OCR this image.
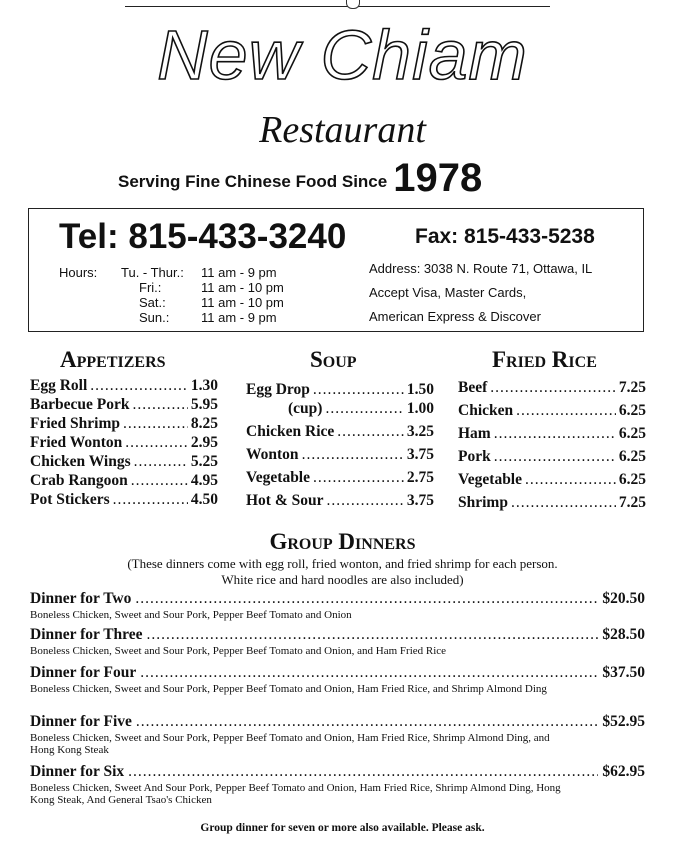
New Chiam
Restaurant
Serving Fine Chinese Food Since 1978
Tel: 815-433-3240	Fax: 815-433-5238
Hours: Tu. - Thur.: 11 am - 9 pm
Fri.:	11 am - 10 pm
Sat.:	11 am - 10 pm
Sun.: 11 am - 9 pm
Address: 3038 N. Route 71, Ottawa, IL
Accept Visa, Master Cards,
American Express & Discover
Appetizers
Egg Roll .....	1.30
Barbecue Pork .....	5.95
Fried Shrimp .....	8.25
Fried Wonton .....	2.95
Chicken Wings .....	5.25
Crab Rangoon .....	4.95
Pot Stickers .....	4.50
Soup
Egg Drop .....	1.50
(cup) .....	1.00
Chicken Rice .....	3.25
Wonton .....	3.75
Vegetable .....	2.75
Hot & Sour .....	3.75
Fried Rice
Beef .....	7.25
Chicken .....	6.25
Ham .....	6.25
Pork .....	6.25
Vegetable .....	6.25
Shrimp .....	7.25
Group Dinners
(These dinners come with egg roll, fried wonton, and fried shrimp for each person.
White rice and hard noodles are also included)
Dinner for Two .....	$20.50
Boneless Chicken, Sweet and Sour Pork, Pepper Beef Tomato and Onion
Dinner for Three .....	$28.50
Boneless Chicken, Sweet and Sour Pork, Pepper Beef Tomato and Onion, and Ham Fried Rice
Dinner for Four .....	$37.50
Boneless Chicken, Sweet and Sour Pork, Pepper Beef Tomato and Onion, Ham Fried Rice, and Shrimp Almond Ding
Dinner for Five .....	$52.95
Boneless Chicken, Sweet and Sour Pork, Pepper Beef Tomato and Onion, Ham Fried Rice, Shrimp Almond Ding, and Hong Kong Steak
Dinner for Six .....	$62.95
Boneless Chicken, Sweet And Sour Pork, Pepper Beef Tomato and Onion, Ham Fried Rice, Shrimp Almond Ding, Hong Kong Steak, And General Tsao's Chicken
Group dinner for seven or more also available. Please ask.
